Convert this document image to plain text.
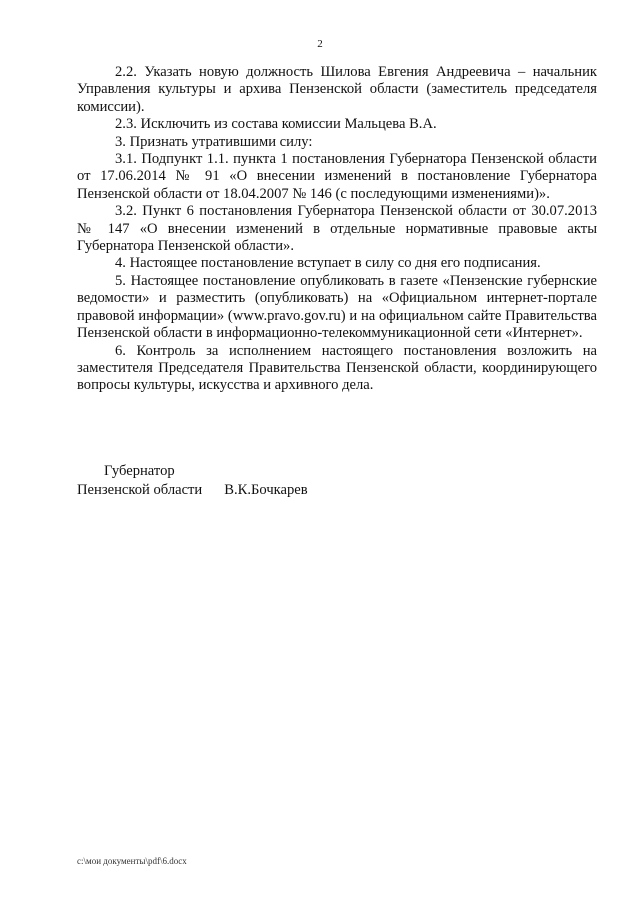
2

2.2. Указать новую должность Шилова Евгения Андреевича – начальник Управления культуры и архива Пензенской области (заместитель председателя комиссии).

2.3. Исключить из состава комиссии Мальцева В.А.

3. Признать утратившими силу:

3.1. Подпункт 1.1. пункта 1 постановления Губернатора Пензенской области от 17.06.2014 № 91 «О внесении изменений в постановление Губернатора Пензенской области от 18.04.2007 № 146 (с последующими изменениями)».

3.2. Пункт 6 постановления Губернатора Пензенской области от 30.07.2013 № 147 «О внесении изменений в отдельные нормативные правовые акты Губернатора Пензенской области».

4. Настоящее постановление вступает в силу со дня его подписания.

5. Настоящее постановление опубликовать в газете «Пензенские губернские ведомости» и разместить (опубликовать) на «Официальном интернет-портале правовой информации» (www.pravo.gov.ru) и на официальном сайте Правительства Пензенской области в информационно-телекоммуникационной сети «Интернет».

6. Контроль за исполнением настоящего постановления возложить на заместителя Председателя Правительства Пензенской области, координирующего вопросы культуры, искусства и архивного дела.

Губернатор
Пензенской области В.К.Бочкарев
c:\мои документы\pdf\6.docx
